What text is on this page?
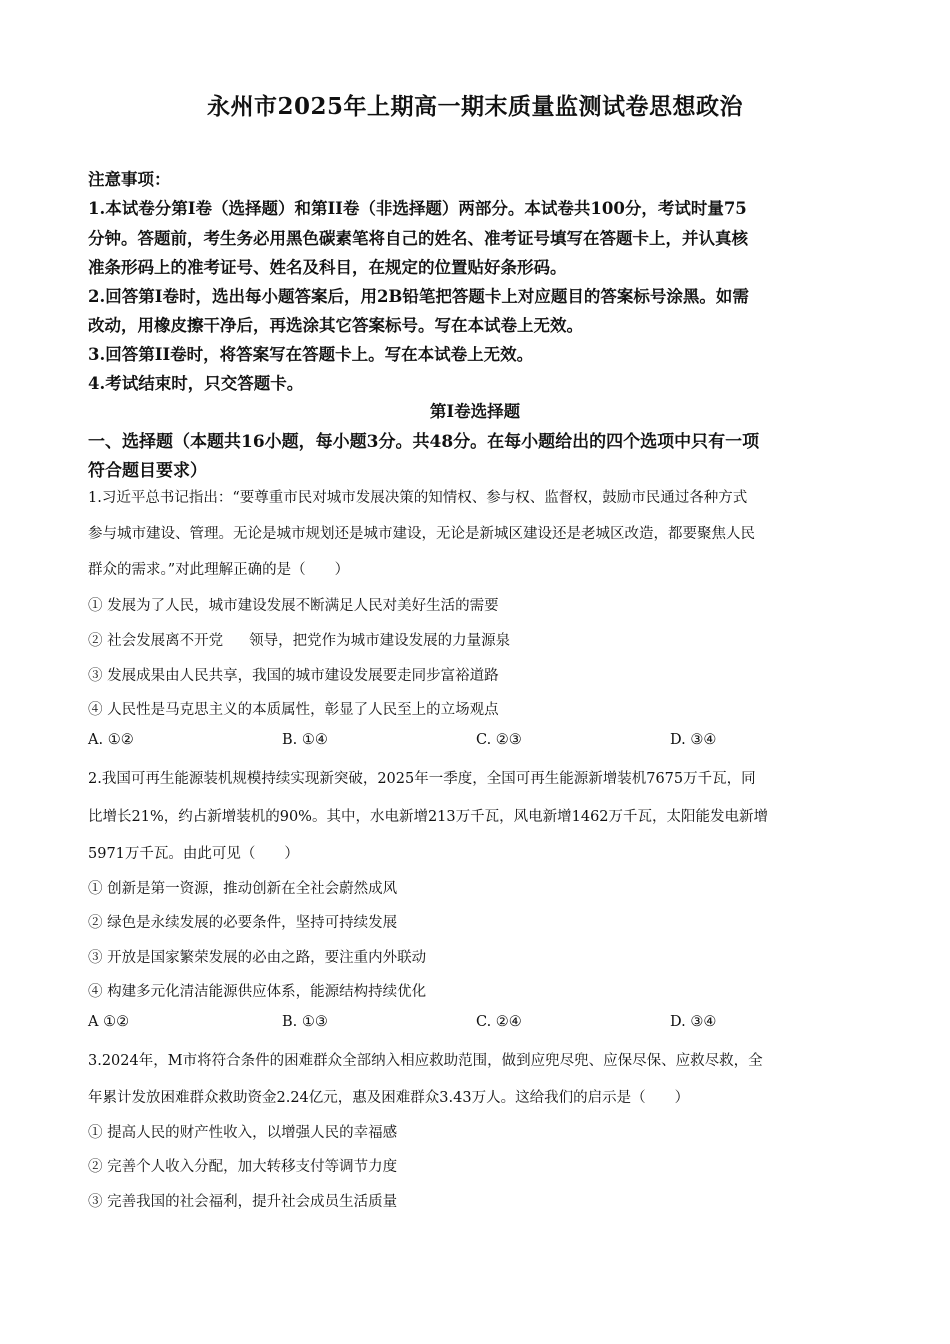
永州市2025年上期高一期末质量监测试卷思想政治
注意事项：
1.本试卷分第Ⅰ卷（选择题）和第II卷（非选择题）两部分。本试卷共100分，考试时量75
分钟。答题前，考生务必用黑色碳素笔将自己的姓名、准考证号填写在答题卡上，并认真核
准条形码上的准考证号、姓名及科目，在规定的位置贴好条形码。
2.回答第Ⅰ卷时，选出每小题答案后，用2B铅笔把答题卡上对应题目的答案标号涂黑。如需
改动，用橡皮擦干净后，再选涂其它答案标号。写在本试卷上无效。
3.回答第II卷时，将答案写在答题卡上。写在本试卷上无效。
4.考试结束时，只交答题卡。
第Ⅰ卷选择题
一、选择题（本题共16小题，每小题3分。共48分。在每小题给出的四个选项中只有一项
符合题目要求）
1.习近平总书记指出：“要尊重市民对城市发展决策的知情权、参与权、监督权，鼓励市民通过各种方式
参与城市建设、管理。无论是城市规划还是城市建设，无论是新城区建设还是老城区改造，都要聚焦人民
群众的需求。”对此理解正确的是（　　）
① 发展为了人民，城市建设发展不断满足人民对美好生活的需要
② 社会发展离不开党 领导，把党作为城市建设发展的力量源泉
③ 发展成果由人民共享，我国的城市建设发展要走同步富裕道路
④ 人民性是马克思主义的本质属性，彰显了人民至上的立场观点
A. ①②	B. ①④	C. ②③	D. ③④
2.我国可再生能源装机规模持续实现新突破，2025年一季度，全国可再生能源新增装机7675万千瓦，同
比增长21%，约占新增装机的90%。其中，水电新增213万千瓦，风电新增1462万千瓦，太阳能发电新增
5971万千瓦。由此可见（　　）
① 创新是第一资源，推动创新在全社会蔚然成风
② 绿色是永续发展的必要条件，坚持可持续发展
③ 开放是国家繁荣发展的必由之路，要注重内外联动
④ 构建多元化清洁能源供应体系，能源结构持续优化
A ①②	B. ①③	C. ②④	D. ③④
3.2024年，M市将符合条件的困难群众全部纳入相应救助范围，做到应兜尽兜、应保尽保、应救尽救，全
年累计发放困难群众救助资金2.24亿元，惠及困难群众3.43万人。这给我们的启示是（　　）
① 提高人民的财产性收入，以增强人民的幸福感
② 完善个人收入分配，加大转移支付等调节力度
③ 完善我国的社会福利，提升社会成员生活质量
